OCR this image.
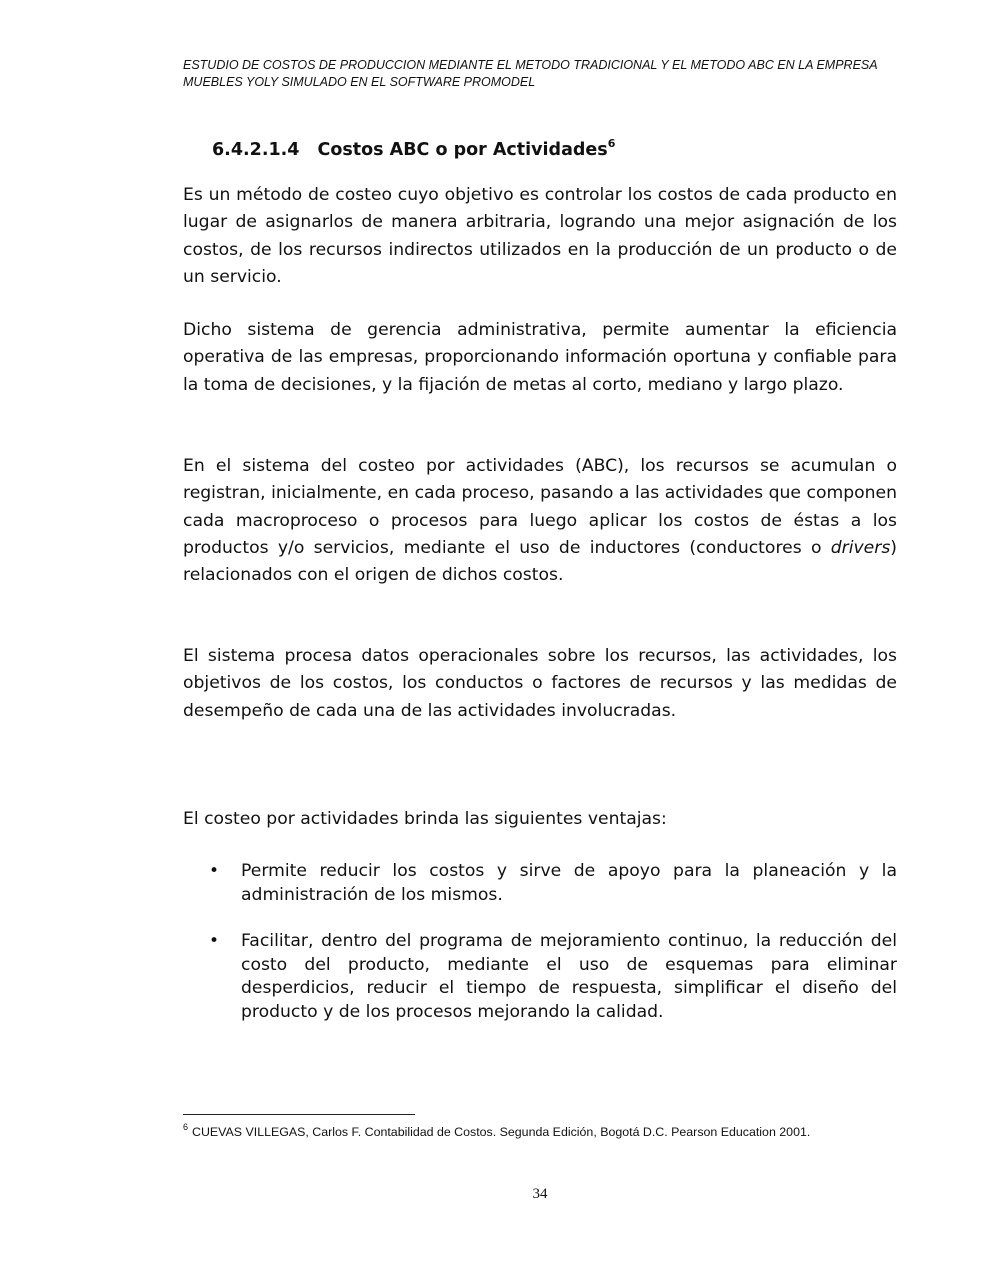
ESTUDIO DE COSTOS DE PRODUCCION MEDIANTE EL METODO TRADICIONAL Y EL METODO ABC EN LA EMPRESA MUEBLES YOLY SIMULADO EN EL SOFTWARE PROMODEL

6.4.2.1.4 Costos ABC o por Actividades$^6$

Es un método de costeo cuyo objetivo es controlar los costos de cada producto en lugar de asignarlos de manera arbitraria, logrando una mejor asignación de los costos, de los recursos indirectos utilizados en la producción de un producto o de un servicio.

Dicho sistema de gerencia administrativa, permite aumentar la eficiencia operativa de las empresas, proporcionando información oportuna y confiable para la toma de decisiones, y la fijación de metas al corto, mediano y largo plazo.

En el sistema del costeo por actividades (ABC), los recursos se acumulan o registran, inicialmente, en cada proceso, pasando a las actividades que componen cada macroproceso o procesos para luego aplicar los costos de éstas a los productos y/o servicios, mediante el uso de inductores (conductores o drivers) relacionados con el origen de dichos costos.

El sistema procesa datos operacionales sobre los recursos, las actividades, los objetivos de los costos, los conductos o factores de recursos y las medidas de desempeño de cada una de las actividades involucradas.

El costeo por actividades brinda las siguientes ventajas:

• Permite reducir los costos y sirve de apoyo para la planeación y la administración de los mismos.
• Facilitar, dentro del programa de mejoramiento continuo, la reducción del costo del producto, mediante el uso de esquemas para eliminar desperdicios, reducir el tiempo de respuesta, simplificar el diseño del producto y de los procesos mejorando la calidad.

$^6$ CUEVAS VILLEGAS, Carlos F. Contabilidad de Costos. Segunda Edición, Bogotá D.C. Pearson Education 2001.

34
